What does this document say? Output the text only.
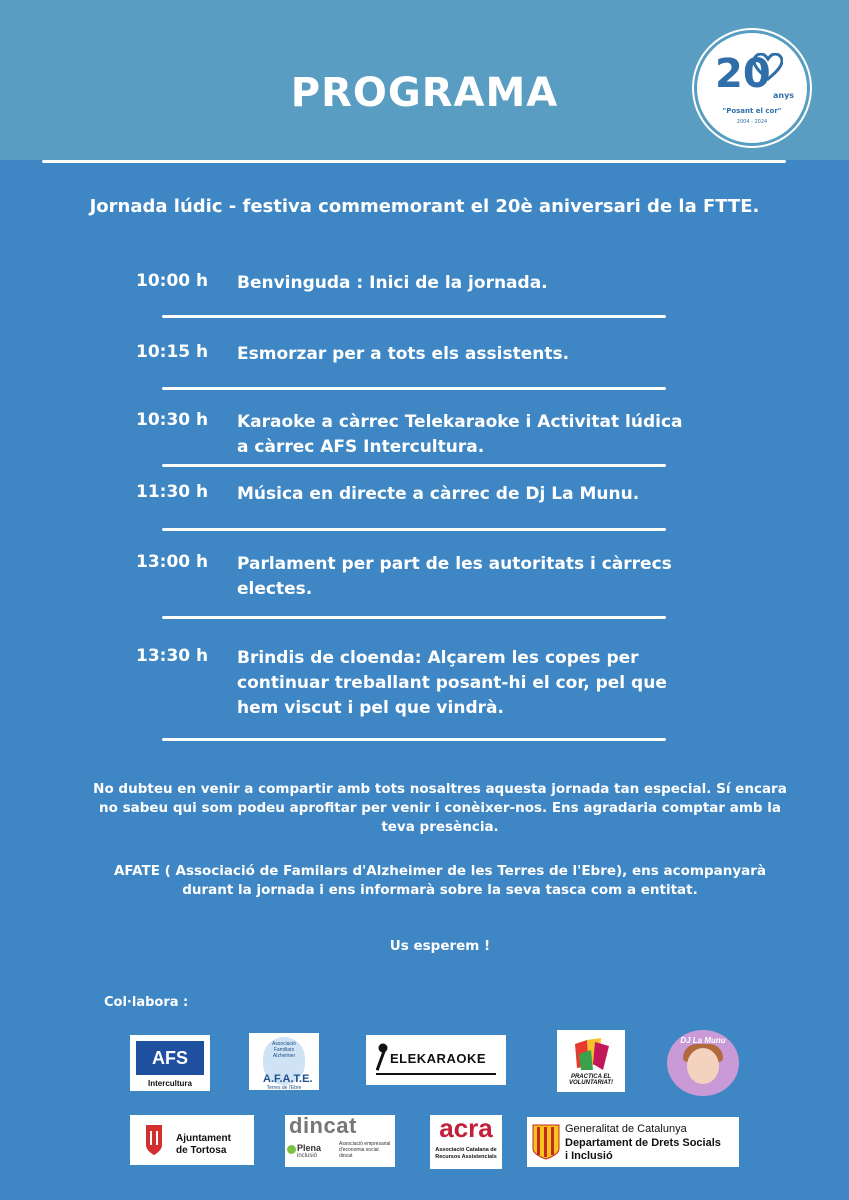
PROGRAMA	20 anys
"Posant el cor"
2004 - 2024
Jornada lúdic - festiva commemorant el 20è aniversari de la FTTE.
10:00 h	Benvinguda : Inici de la jornada.
10:15 h	Esmorzar per a tots els assistents.
10:30 h	Karaoke a càrrec Telekaraoke i Activitat lúdica a càrrec AFS Intercultura.
11:30 h	Música en directe a càrrec de Dj La Munu.
13:00 h	Parlament per part de les autoritats i càrrecs electes.
13:30 h	Brindis de cloenda: Alçarem les copes per continuar treballant posant-hi el cor, pel que hem viscut i pel que vindrà.
No dubteu en venir a compartir amb tots nosaltres aquesta jornada tan especial. Sí encara no sabeu qui som podeu aprofitar per venir i conèixer-nos. Ens agradaria comptar amb la teva presència.
AFATE ( Associació de Familars d'Alzheimer de les Terres de l'Ebre), ens acompanyarà durant la jornada i ens informarà sobre la seva tasca com a entitat.
Us esperem !
Col·labora :
AFS
Intercultura
Associació Familiars Alzheimer
A.F.A.T.E.
Terres de l'Ebre
ELEKARAOKE
PRACTICA EL VOLUNTARIAT!
DJ La Munu
Ajuntament
de Tortosa
dincat
Plena
inclusió
Associació empresarial d'economia social dincat
acra
Associació Catalana de Recursos Assistencials
Generalitat de Catalunya
Departament de Drets Socials
i Inclusió
